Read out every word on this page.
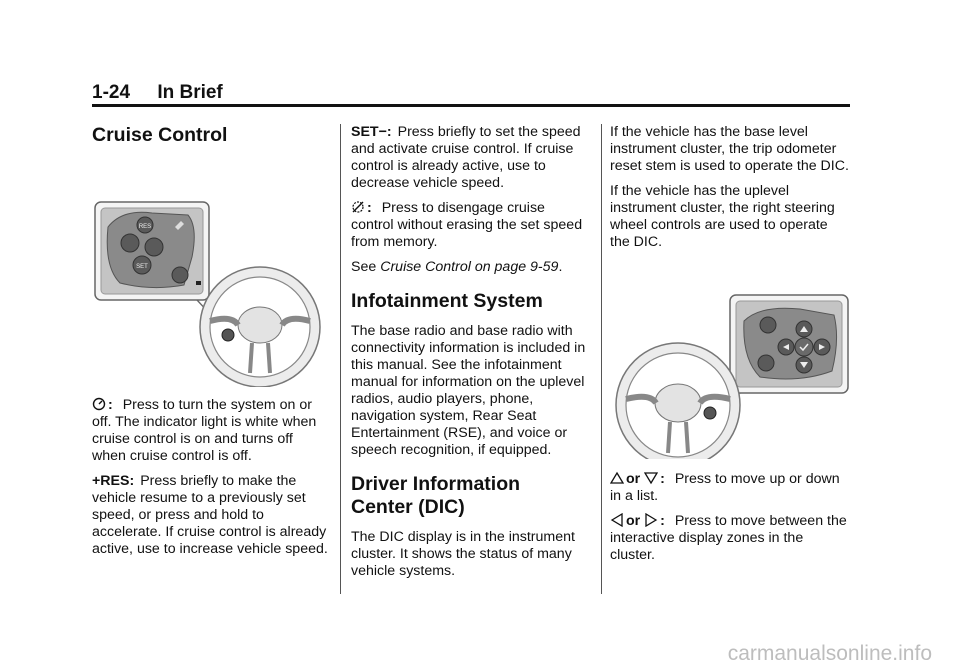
1-24 In Brief
Cruise Control
RES
SET

: Press to turn the system on or off. The indicator light is white when cruise control is on and turns off when cruise control is off.

+RES: Press briefly to make the vehicle resume to a previously set speed, or press and hold to accelerate. If cruise control is already active, use to increase vehicle speed.

SET−: Press briefly to set the speed and activate cruise control. If cruise control is already active, use to decrease vehicle speed.

: Press to disengage cruise control without erasing the set speed from memory.

See Cruise Control on page 9-59.

Infotainment System

The base radio and base radio with connectivity information is included in this manual. See the infotainment manual for information on the uplevel radios, audio players, phone, navigation system, Rear Seat Entertainment (RSE), and voice or speech recognition, if equipped.

Driver Information Center (DIC)

The DIC display is in the instrument cluster. It shows the status of many vehicle systems.

If the vehicle has the base level instrument cluster, the trip odometer reset stem is used to operate the DIC.

If the vehicle has the uplevel instrument cluster, the right steering wheel controls are used to operate the DIC.

or : Press to move up or down in a list.

or : Press to move between the interactive display zones in the cluster.

carmanualsonline.info
